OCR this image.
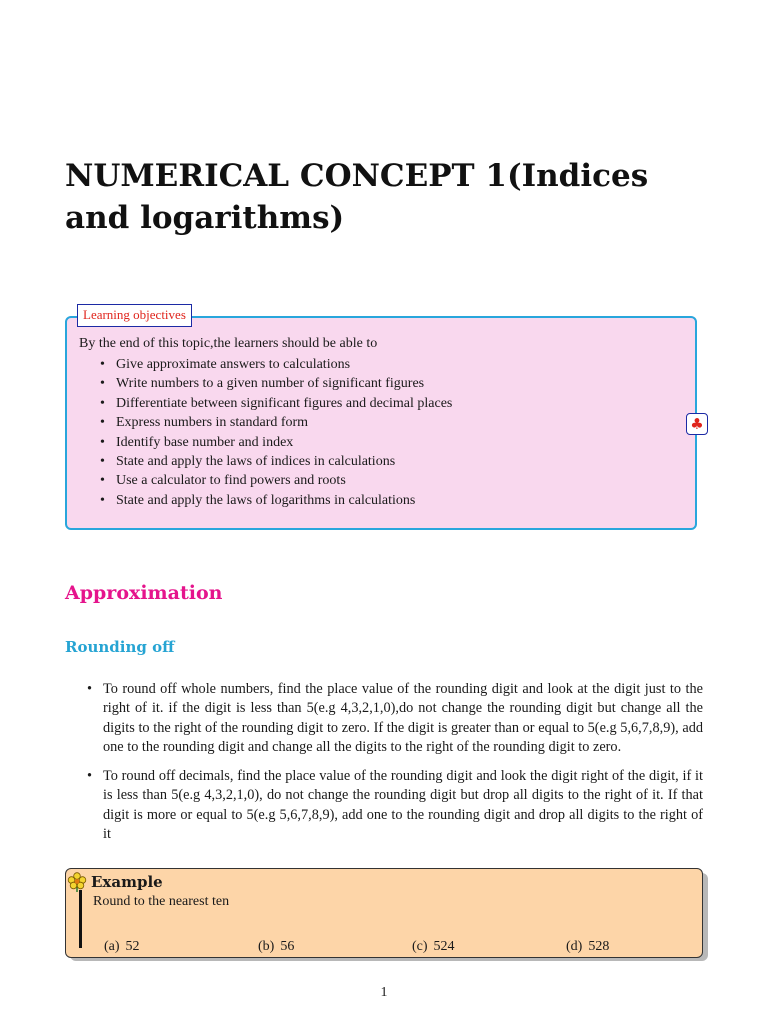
NUMERICAL CONCEPT 1(Indices and logarithms)
Learning objectives
By the end of this topic,the learners should be able to
• Give approximate answers to calculations
• Write numbers to a given number of significant figures
• Differentiate between significant figures and decimal places
• Express numbers in standard form
• Identify base number and index
• State and apply the laws of indices in calculations
• Use a calculator to find powers and roots
• State and apply the laws of logarithms in calculations
♣
Approximation
Rounding off
• To round off whole numbers, find the place value of the rounding digit and look at the digit just to the right of it. if the digit is less than 5(e.g 4,3,2,1,0),do not change the rounding digit but change all the digits to the right of the rounding digit to zero. If the digit is greater than or equal to 5(e.g 5,6,7,8,9), add one to the rounding digit and change all the digits to the right of the rounding digit to zero.
• To round off decimals, find the place value of the rounding digit and look the digit right of the digit, if it is less than 5(e.g 4,3,2,1,0), do not change the rounding digit but drop all digits to the right of it. If that digit is more or equal to 5(e.g 5,6,7,8,9), add one to the rounding digit and drop all digits to the right of it
Example
Round to the nearest ten
(a) 52	(b) 56	(c) 524	(d) 528
1
